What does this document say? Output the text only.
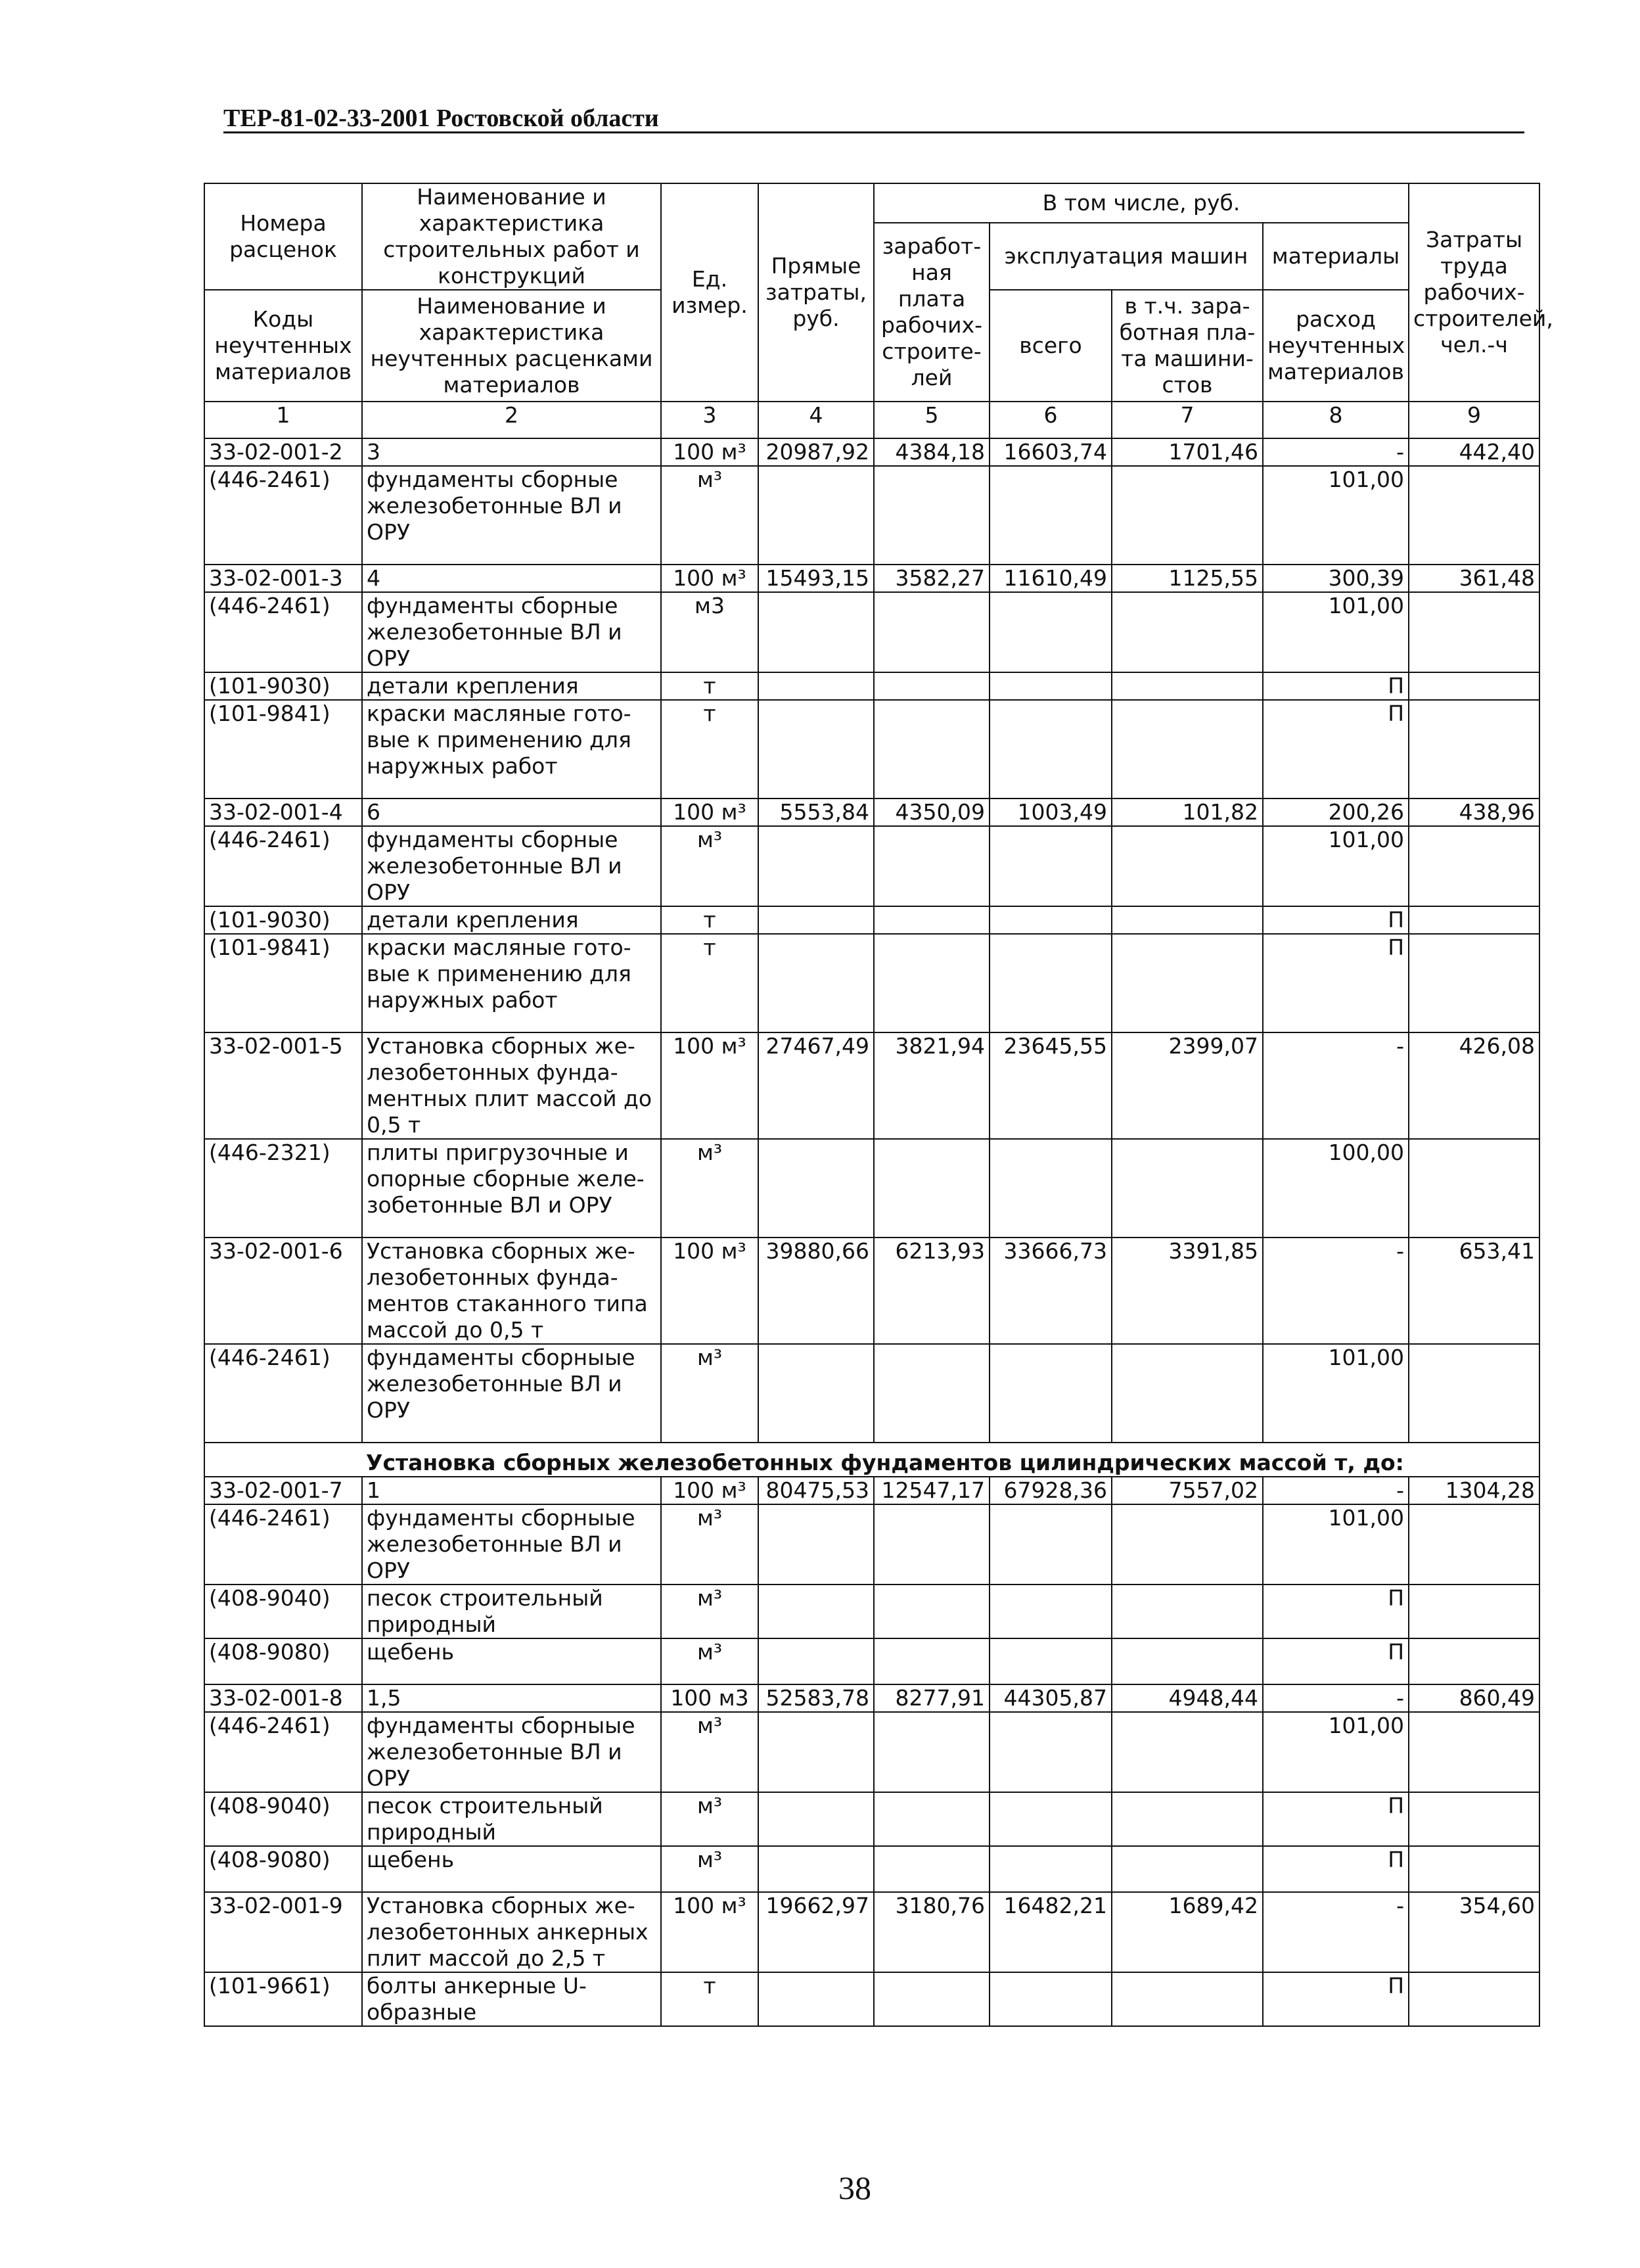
ТЕР-81-02-33-2001 Ростовской области
Номера расценок	Наименование и характеристика строительных работ и конструкций	Ед. измер.	Прямые затраты, руб.	В том числе, руб.				Затраты труда рабочих-строителей, чел.-ч
				заработ-ная плата рабочих-строите-лей	эксплуатация машин		материалы	
Коды неучтенных материалов	Наименование и характеристика неучтенных расценками материалов				всего	в т.ч. зара-ботная пла-та машини-стов	расход неучтенных материалов	

1	2	3	4	5	6	7	8	9
33-02-001-2	3	100 м³	20987,92	4384,18	16603,74	1701,46	-	442,40
(446-2461)	фундаменты сборные железобетонные ВЛ и ОРУ	м³					101,00	
33-02-001-3	4	100 м³	15493,15	3582,27	11610,49	1125,55	300,39	361,48
(446-2461)	фундаменты сборные железобетонные ВЛ и ОРУ	м3					101,00	
(101-9030)	детали крепления	т					П	
(101-9841)	краски масляные гото-вые к применению для наружных работ	т					П	
33-02-001-4	6	100 м³	5553,84	4350,09	1003,49	101,82	200,26	438,96
(446-2461)	фундаменты сборные железобетонные ВЛ и ОРУ	м³					101,00	
(101-9030)	детали крепления	т					П	
(101-9841)	краски масляные гото-вые к применению для наружных работ	т					П	
33-02-001-5	Установка сборных же-лезобетонных фунда-ментных плит массой до 0,5 т	100 м³	27467,49	3821,94	23645,55	2399,07	-	426,08
(446-2321)	плиты пригрузочные и опорные сборные желе-зобетонные ВЛ и ОРУ	м³					100,00	
33-02-001-6	Установка сборных же-лезобетонных фунда-ментов стаканного типа массой до 0,5 т	100 м³	39880,66	6213,93	33666,73	3391,85	-	653,41
(446-2461)	фундаменты сборныые железобетонные ВЛ и ОРУ	м³					101,00	
	Установка сборных железобетонных фундаментов цилиндрических массой т, до:							
33-02-001-7	1	100 м³	80475,53	12547,17	67928,36	7557,02	-	1304,28
(446-2461)	фундаменты сборныые железобетонные ВЛ и ОРУ	м³					101,00	
(408-9040)	песок строительный природный	м³					П	
(408-9080)	щебень	м³					П	
33-02-001-8	1,5	100 м3	52583,78	8277,91	44305,87	4948,44	-	860,49
(446-2461)	фундаменты сборныые железобетонные ВЛ и ОРУ	м³					101,00	
(408-9040)	песок строительный природный	м³					П	
(408-9080)	щебень	м³					П	
33-02-001-9	Установка сборных же-лезобетонных анкерных плит массой до 2,5 т	100 м³	19662,97	3180,76	16482,21	1689,42	-	354,60
(101-9661)	болты анкерные U-образные	т					П	
38
